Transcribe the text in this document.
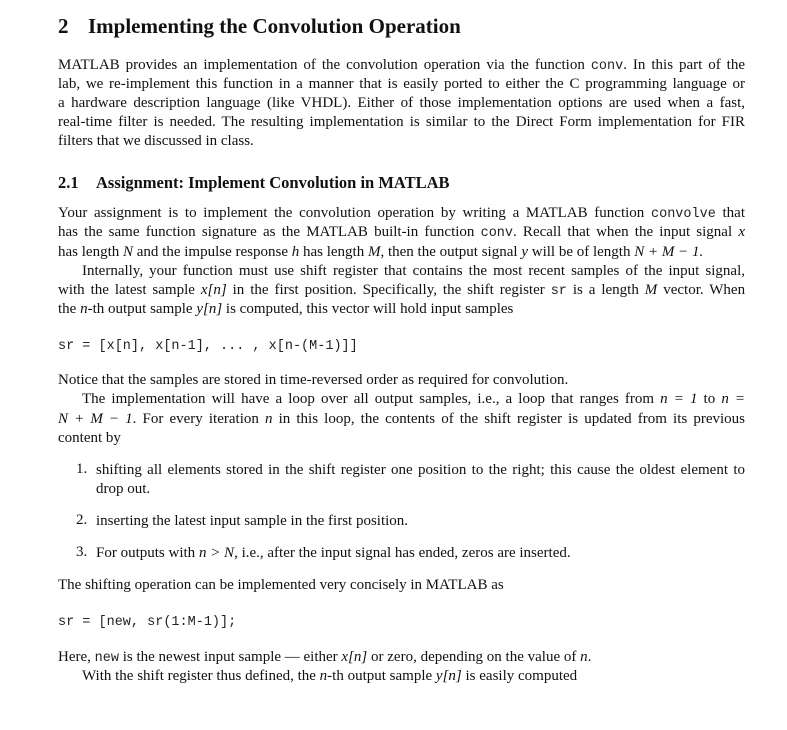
2 Implementing the Convolution Operation
MATLAB provides an implementation of the convolution operation via the function conv. In this part of the
lab, we re-implement this function in a manner that is easily ported to either the C programming language or
a hardware description language (like VHDL). Either of those implementation options are used when a fast,
real-time filter is needed. The resulting implementation is similar to the Direct Form implementation for FIR
filters that we discussed in class.
2.1 Assignment: Implement Convolution in MATLAB
Your assignment is to implement the convolution operation by writing a MATLAB function convolve that
has the same function signature as the MATLAB built-in function conv. Recall that when the input signal x
has length N and the impulse response h has length M, then the output signal y will be of length N + M − 1.
Internally, your function must use shift register that contains the most recent samples of the input signal,
with the latest sample x[n] in the first position. Specifically, the shift register sr is a length M vector. When
the n-th output sample y[n] is computed, this vector will hold input samples
sr = [x[n], x[n-1], ... , x[n-(M-1)]]
Notice that the samples are stored in time-reversed order as required for convolution.
The implementation will have a loop over all output samples, i.e., a loop that ranges from n = 1 to n =
N + M − 1. For every iteration n in this loop, the contents of the shift register is updated from its previous
content by
1. shifting all elements stored in the shift register one position to the right; this cause the oldest element to
drop out.
2. inserting the latest input sample in the first position.
3. For outputs with n > N, i.e., after the input signal has ended, zeros are inserted.
The shifting operation can be implemented very concisely in MATLAB as
sr = [new, sr(1:M-1)];
Here, new is the newest input sample — either x[n] or zero, depending on the value of n.
With the shift register thus defined, the n-th output sample y[n] is easily computed
